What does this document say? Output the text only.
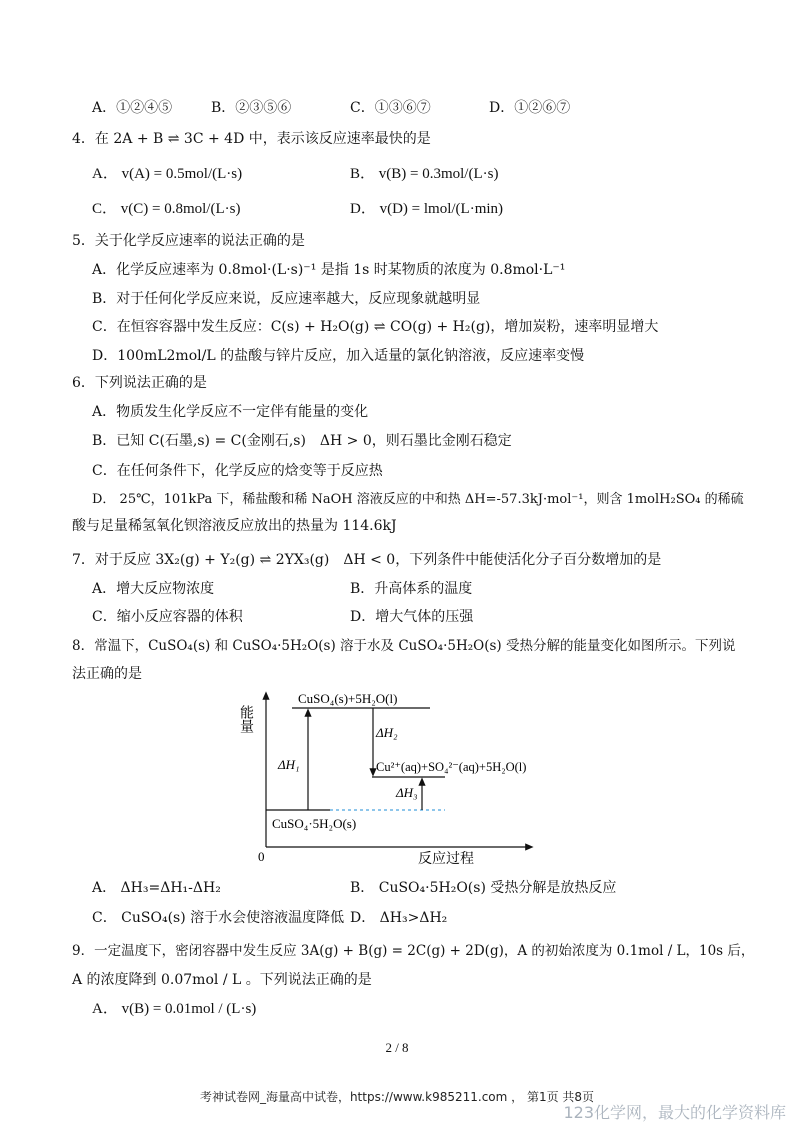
A．①②④⑤	B．②③⑤⑥	C．①③⑥⑦	D．①②⑥⑦
4．在 2A + B ⇌ 3C + 4D 中，表示该反应速率最快的是
A． v(A) = 0.5mol/(L·s)	B． v(B) = 0.3mol/(L·s)
C． v(C) = 0.8mol/(L·s)	D． v(D) = lmol/(L·min)
5．关于化学反应速率的说法正确的是
A．化学反应速率为 0.8mol·(L·s)⁻¹ 是指 1s 时某物质的浓度为 0.8mol·L⁻¹
B．对于任何化学反应来说，反应速率越大，反应现象就越明显
C．在恒容容器中发生反应：C(s) + H₂O(g) ⇌ CO(g) + H₂(g)，增加炭粉，速率明显增大
D．100mL2mol/L 的盐酸与锌片反应，加入适量的氯化钠溶液，反应速率变慢
6．下列说法正确的是
A．物质发生化学反应不一定伴有能量的变化
B．已知 C(石墨,s) = C(金刚石,s)　ΔH > 0，则石墨比金刚石稳定
C．在任何条件下，化学反应的焓变等于反应热
D． 25℃，101kPa 下，稀盐酸和稀 NaOH 溶液反应的中和热 ΔH=-57.3kJ·mol⁻¹，则含 1molH₂SO₄ 的稀硫
酸与足量稀氢氧化钡溶液反应放出的热量为 114.6kJ
7．对于反应 3X₂(g) + Y₂(g) ⇌ 2YX₃(g)　ΔH < 0，下列条件中能使活化分子百分数增加的是
A．增大反应物浓度	B．升高体系的温度
C．缩小反应容器的体积	D．增大气体的压强
8．常温下，CuSO₄(s) 和 CuSO₄·5H₂O(s) 溶于水及 CuSO₄·5H₂O(s) 受热分解的能量变化如图所示。下列说
法正确的是
能量
反应过程
0
CuSO₄(s)+5H₂O(l)
Cu²⁺(aq)+SO₄²⁻(aq)+5H₂O(l)
CuSO₄·5H₂O(s)
ΔH₁
ΔH₂
ΔH₃
A． ΔH₃=ΔH₁-ΔH₂	B． CuSO₄·5H₂O(s) 受热分解是放热反应
C． CuSO₄(s) 溶于水会使溶液温度降低 D． ΔH₃>ΔH₂
9．一定温度下，密闭容器中发生反应 3A(g) + B(g) = 2C(g) + 2D(g)，A 的初始浓度为 0.1mol / L，10s 后，
A 的浓度降到 0.07mol / L 。下列说法正确的是
A． v(B) = 0.01mol / (L·s)
2 / 8
考神试卷网_海量高中试卷，https://www.k985211.com ， 第1页 共8页
123化学网，最大的化学资料库
